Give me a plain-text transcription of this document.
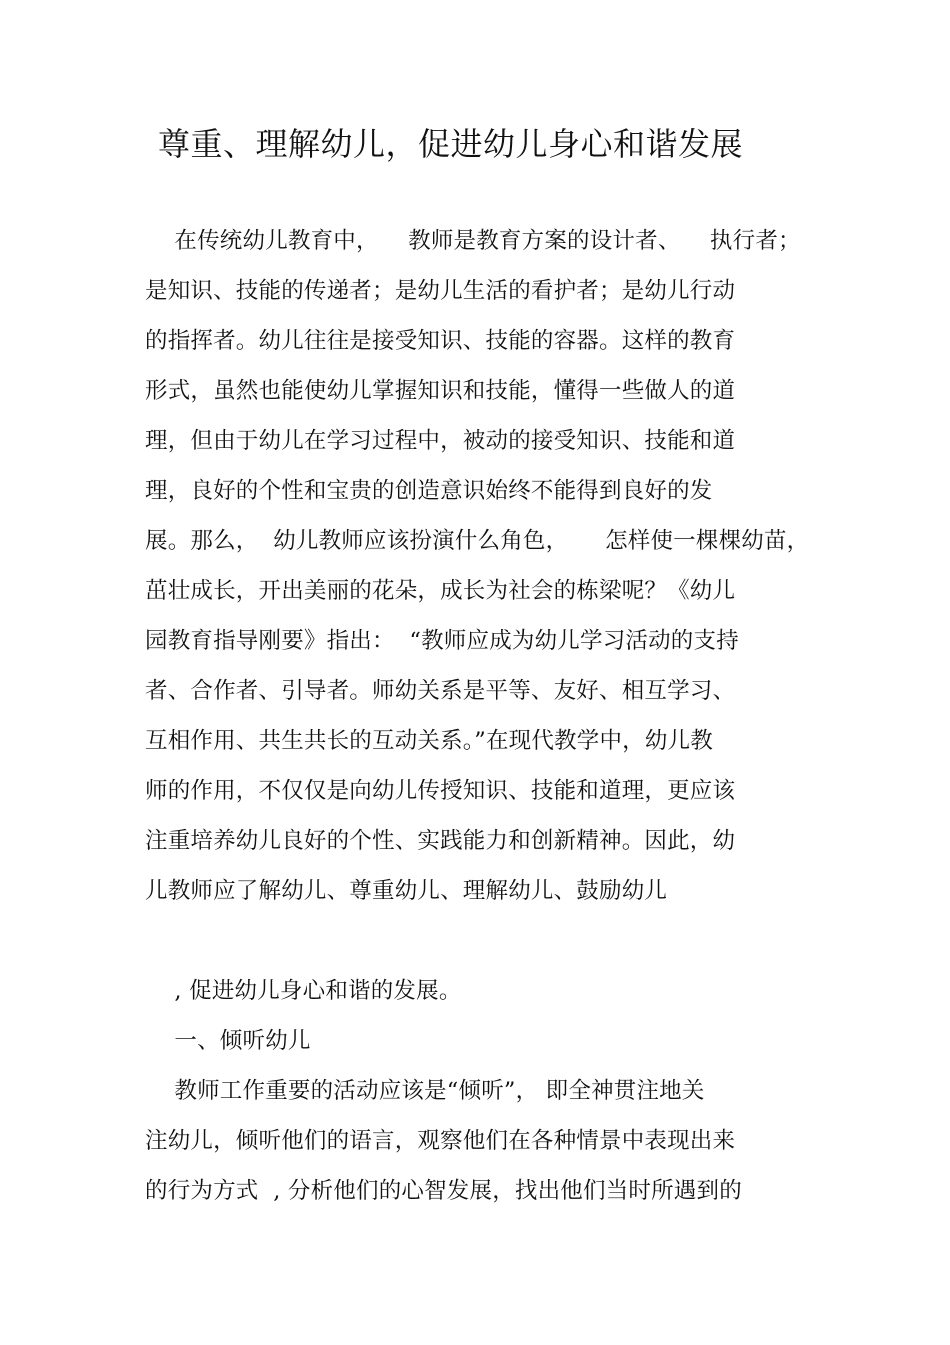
尊重、理解幼儿，促进幼儿身心和谐发展
在传统幼儿教育中，    教师是教育方案的设计者、    执行者；
是知识、技能的传递者；是幼儿生活的看护者；是幼儿行动
的指挥者。幼儿往往是接受知识、技能的容器。这样的教育
形式，虽然也能使幼儿掌握知识和技能，懂得一些做人的道
理，但由于幼儿在学习过程中，被动的接受知识、技能和道
理，良好的个性和宝贵的创造意识始终不能得到良好的发
展。那么，  幼儿教师应该扮演什么角色，     怎样使一棵棵幼苗，
茁壮成长，开出美丽的花朵，成长为社会的栋梁呢？《幼儿
园教育指导刚要》指出：  “教师应成为幼儿学习活动的支持
者、合作者、引导者。师幼关系是平等、友好、相互学习、
互相作用、共生共长的互动关系。”在现代教学中，幼儿教
师的作用，不仅仅是向幼儿传授知识、技能和道理，更应该
注重培养幼儿良好的个性、实践能力和创新精神。因此，幼
儿教师应了解幼儿、尊重幼儿、理解幼儿、鼓励幼儿
, 促进幼儿身心和谐的发展。
一、倾听幼儿
教师工作重要的活动应该是“倾听”， 即全神贯注地关
注幼儿，倾听他们的语言，观察他们在各种情景中表现出来
的行为方式  , 分析他们的心智发展，找出他们当时所遇到的
